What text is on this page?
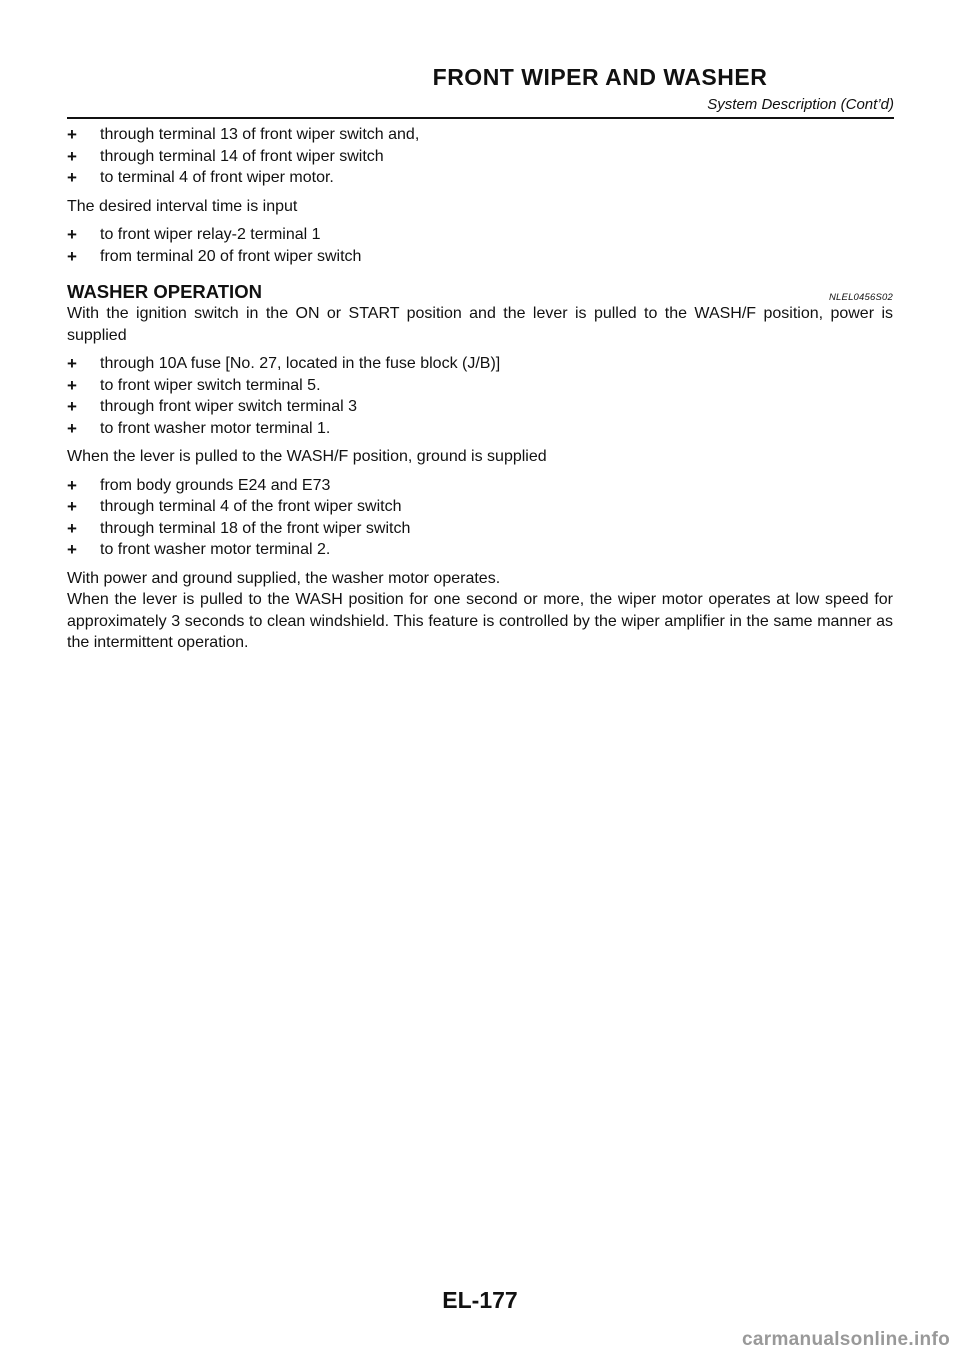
FRONT WIPER AND WASHER
System Description (Cont’d)

+ through terminal 13 of front wiper switch and,

+ through terminal 14 of front wiper switch

+ to terminal 4 of front wiper motor.

The desired interval time is input

+ to front wiper relay-2 terminal 1

+ from terminal 20 of front wiper switch

WASHER OPERATION	NLEL0456S02

With the ignition switch in the ON or START position and the lever is pulled to the WASH/F position, power is supplied

+ through 10A fuse [No. 27, located in the fuse block (J/B)]

+ to front wiper switch terminal 5.

+ through front wiper switch terminal 3

+ to front washer motor terminal 1.

When the lever is pulled to the WASH/F position, ground is supplied

+ from body grounds E24 and E73

+ through terminal 4 of the front wiper switch

+ through terminal 18 of the front wiper switch

+ to front washer motor terminal 2.

With power and ground supplied, the washer motor operates.

When the lever is pulled to the WASH position for one second or more, the wiper motor operates at low speed for approximately 3 seconds to clean windshield. This feature is controlled by the wiper amplifier in the same manner as the intermittent operation.

EL-177
carmanualsonline.info
